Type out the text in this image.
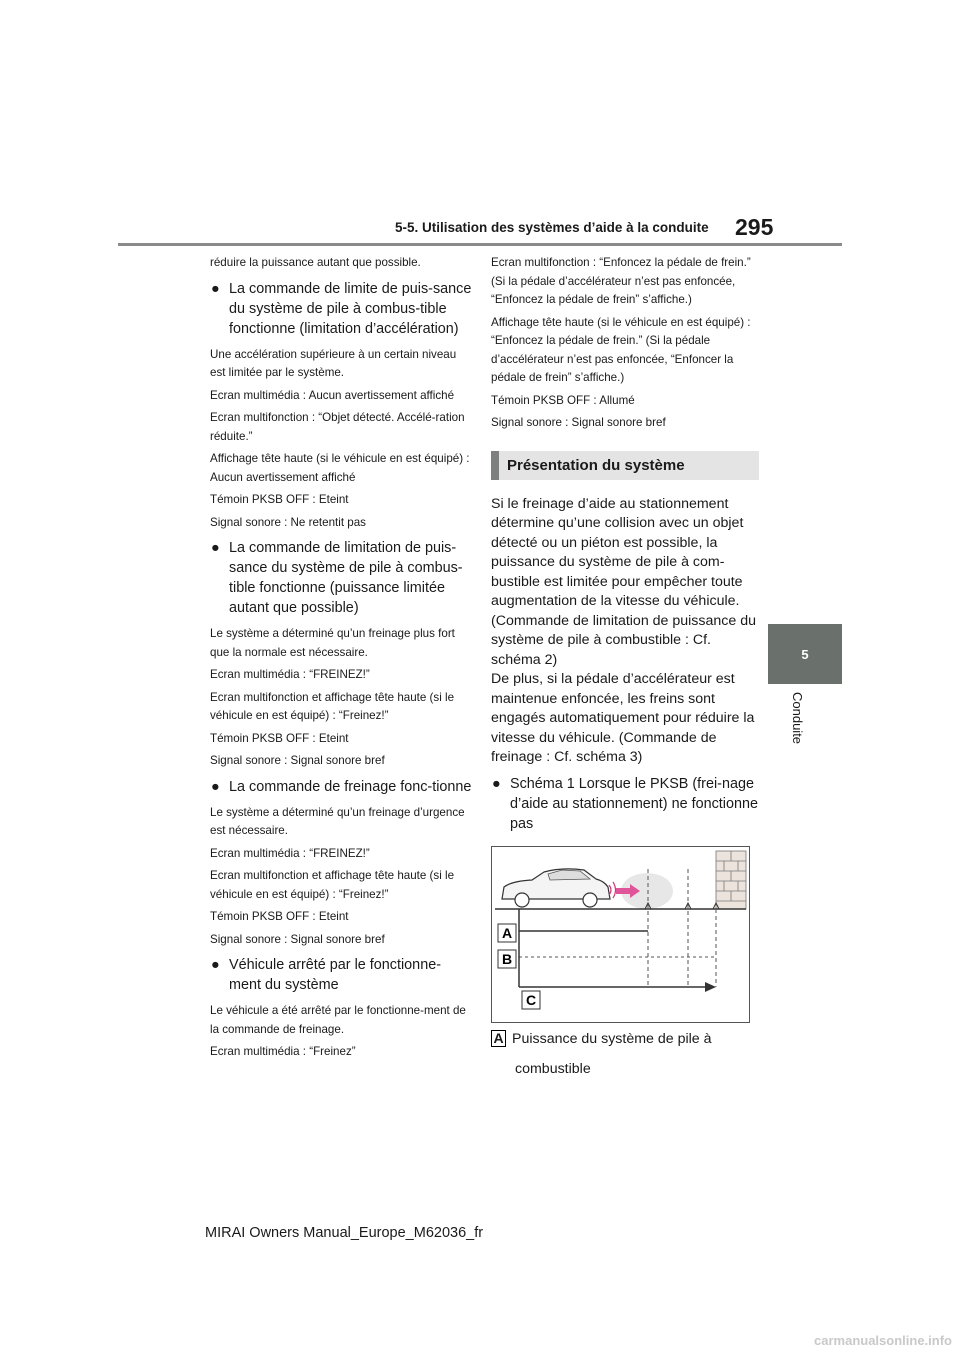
5-5. Utilisation des systèmes d’aide à la conduite 295
5
Conduite

réduire la puissance autant que possible.

● La commande de limite de puis-sance du système de pile à combus-tible fonctionne (limitation d’accélération)

Une accélération supérieure à un certain niveau est limitée par le système.

Ecran multimédia : Aucun avertissement affiché

Ecran multifonction : “Objet détecté. Accélé-ration réduite.”

Affichage tête haute (si le véhicule en est équipé) : Aucun avertissement affiché

Témoin PKSB OFF : Eteint

Signal sonore : Ne retentit pas

● La commande de limitation de puis-sance du système de pile à combus-tible fonctionne (puissance limitée autant que possible)

Le système a déterminé qu’un freinage plus fort que la normale est nécessaire.

Ecran multimédia : “FREINEZ!”

Ecran multifonction et affichage tête haute (si le véhicule en est équipé) : “Freinez!”

Témoin PKSB OFF : Eteint

Signal sonore : Signal sonore bref

● La commande de freinage fonc-tionne

Le système a déterminé qu’un freinage d’urgence est nécessaire.

Ecran multimédia : “FREINEZ!”

Ecran multifonction et affichage tête haute (si le véhicule en est équipé) : “Freinez!”

Témoin PKSB OFF : Eteint

Signal sonore : Signal sonore bref

● Véhicule arrêté par le fonctionne-ment du système

Le véhicule a été arrêté par le fonctionne-ment de la commande de freinage.

Ecran multimédia : “Freinez”

Ecran multifonction : “Enfoncez la pédale de frein.” (Si la pédale d’accélérateur n’est pas enfoncée, “Enfoncez la pédale de frein” s’affiche.)

Affichage tête haute (si le véhicule en est équipé) : “Enfoncez la pédale de frein.” (Si la pédale d’accélérateur n’est pas enfoncée, “Enfoncer la pédale de frein” s’affiche.)

Témoin PKSB OFF : Allumé

Signal sonore : Signal sonore bref

Présentation du système

Si le freinage d’aide au stationnement détermine qu’une collision avec un objet détecté ou un piéton est possible, la puissance du système de pile à com-bustible est limitée pour empêcher toute augmentation de la vitesse du véhicule. (Commande de limitation de puissance du système de pile à combustible : Cf. schéma 2)

De plus, si la pédale d’accélérateur est maintenue enfoncée, les freins sont engagés automatiquement pour réduire la vitesse du véhicule. (Commande de freinage : Cf. schéma 3)

● Schéma 1 Lorsque le PKSB (frei-nage d’aide au stationnement) ne fonctionne pas
A
B
C
A Puissance du système de pile à
combustible
MIRAI Owners Manual_Europe_M62036_fr
carmanualsonline.info
